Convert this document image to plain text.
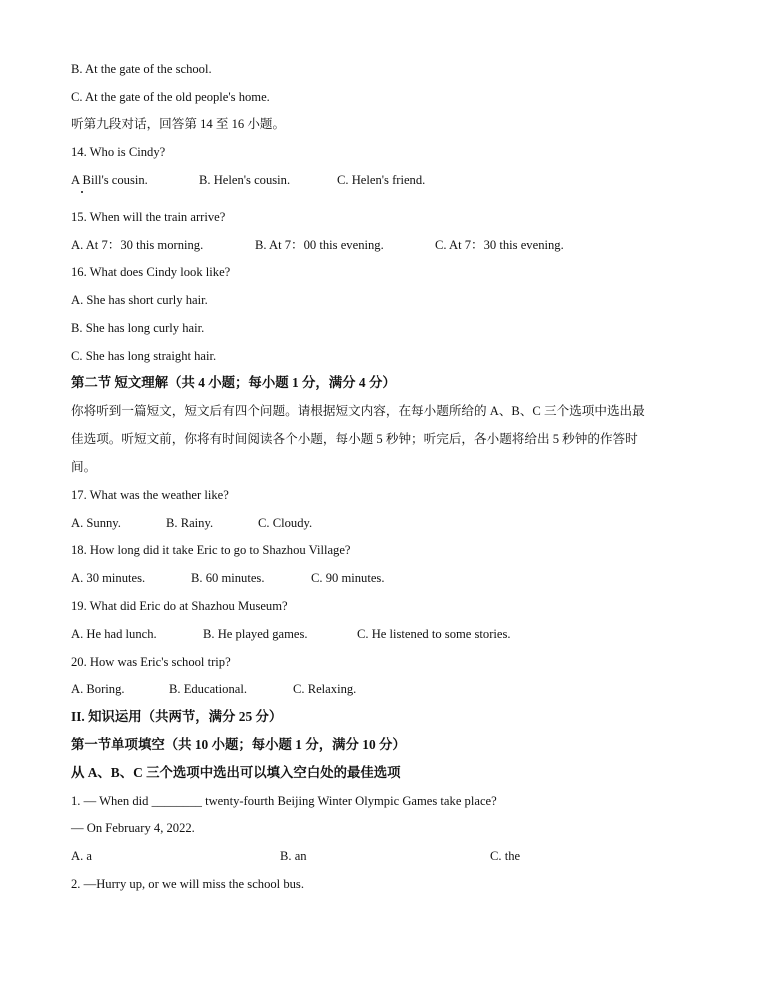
B. At the gate of the school.
C. At the gate of the old people's home.
听第九段对话，回答第 14 至 16 小题。
14. Who is Cindy?
A Bill's cousin.	B. Helen's cousin.	C. Helen's friend.
15. When will the train arrive?
A. At 7：30 this morning.	B. At 7：00 this evening.	C. At 7：30 this evening.
16. What does Cindy look like?
A. She has short curly hair.
B. She has long curly hair.
C. She has long straight hair.
第二节 短文理解（共 4 小题；每小题 1 分，满分 4 分）
你将听到一篇短文，短文后有四个问题。请根据短文内容，在每小题所给的 A、B、C 三个选项中选出最
佳选项。听短文前，你将有时间阅读各个小题，每小题 5 秒钟；听完后，各小题将给出 5 秒钟的作答时
间。
17. What was the weather like?
A. Sunny.	B. Rainy.	C. Cloudy.
18. How long did it take Eric to go to Shazhou Village?
A. 30 minutes.	B. 60 minutes.	C. 90 minutes.
19. What did Eric do at Shazhou Museum?
A. He had lunch.	B. He played games.	C. He listened to some stories.
20. How was Eric's school trip?
A. Boring.	B. Educational.	C. Relaxing.
II. 知识运用（共两节，满分 25 分）
第一节单项填空（共 10 小题；每小题 1 分，满分 10 分）
从 A、B、C 三个选项中选出可以填入空白处的最佳选项
1. — When did ________ twenty-fourth Beijing Winter Olympic Games take place?
— On February 4, 2022.
A. a	B. an	C. the
2. —Hurry up, or we will miss the school bus.
